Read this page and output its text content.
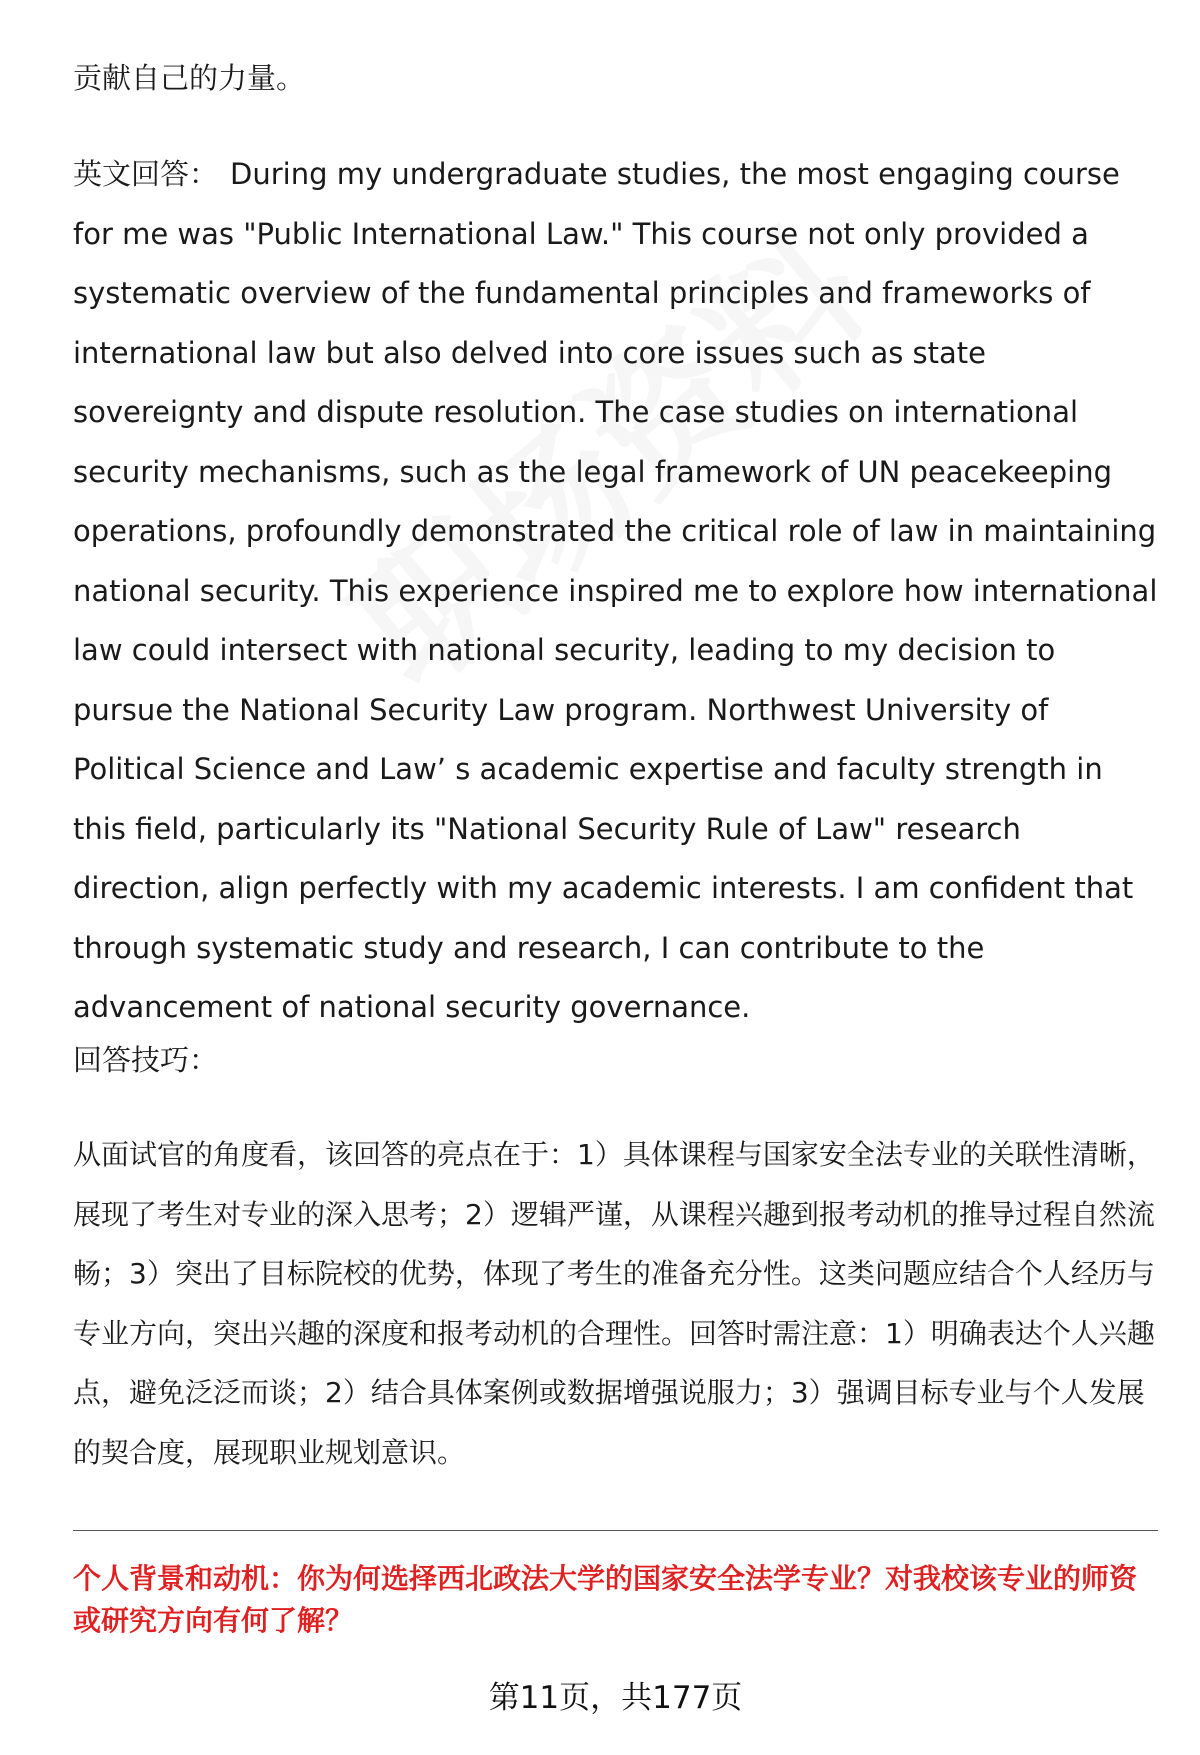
贡献自己的力量。
英文回答： During my undergraduate studies, the most engaging course for me was "Public International Law." This course not only provided a systematic overview of the fundamental principles and frameworks of international law but also delved into core issues such as state sovereignty and dispute resolution. The case studies on international security mechanisms, such as the legal framework of UN peacekeeping operations, profoundly demonstrated the critical role of law in maintaining national security. This experience inspired me to explore how international law could intersect with national security, leading to my decision to pursue the National Security Law program. Northwest University of Political Science and Law’ s academic expertise and faculty strength in this field, particularly its "National Security Rule of Law" research direction, align perfectly with my academic interests. I am confident that through systematic study and research, I can contribute to the advancement of national security governance.
回答技巧：
从面试官的角度看，该回答的亮点在于：1）具体课程与国家安全法专业的关联性清晰，展现了考生对专业的深入思考；2）逻辑严谨，从课程兴趣到报考动机的推导过程自然流畅；3）突出了目标院校的优势，体现了考生的准备充分性。这类问题应结合个人经历与专业方向，突出兴趣的深度和报考动机的合理性。回答时需注意：1）明确表达个人兴趣点，避免泛泛而谈；2）结合具体案例或数据增强说服力；3）强调目标专业与个人发展的契合度，展现职业规划意识。
个人背景和动机：你为何选择西北政法大学的国家安全法学专业？对我校该专业的师资或研究方向有何了解？
第11页，共177页
